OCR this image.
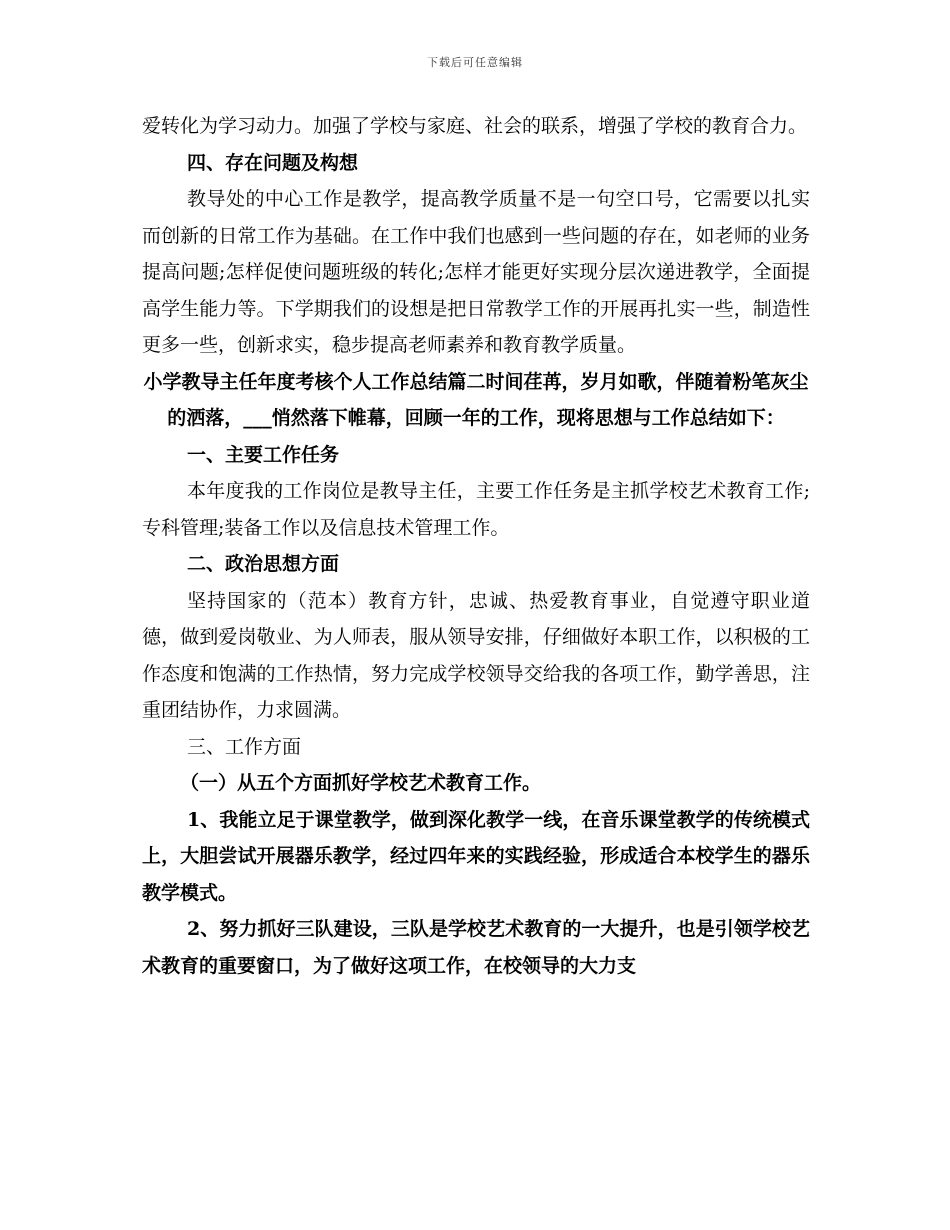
下载后可任意编辑

爱转化为学习动力。加强了学校与家庭、社会的联系，增强了学校的教育合力。

四、存在问题及构想

教导处的中心工作是教学，提高教学质量不是一句空口号，它需要以扎实而创新的日常工作为基础。在工作中我们也感到一些问题的存在，如老师的业务提高问题;怎样促使问题班级的转化;怎样才能更好实现分层次递进教学，全面提高学生能力等。下学期我们的设想是把日常教学工作的开展再扎实一些，制造性更多一些，创新求实，稳步提高老师素养和教育教学质量。

小学教导主任年度考核个人工作总结篇二时间荏苒，岁月如歌，伴随着粉笔灰尘的洒落，___悄然落下帷幕，回顾一年的工作，现将思想与工作总结如下：

一、主要工作任务

本年度我的工作岗位是教导主任，主要工作任务是主抓学校艺术教育工作;专科管理;装备工作以及信息技术管理工作。

二、政治思想方面

坚持国家的（范本）教育方针，忠诚、热爱教育事业，自觉遵守职业道德，做到爱岗敬业、为人师表，服从领导安排，仔细做好本职工作，以积极的工作态度和饱满的工作热情，努力完成学校领导交给我的各项工作，勤学善思，注重团结协作，力求圆满。

三、工作方面

（一）从五个方面抓好学校艺术教育工作。

1、我能立足于课堂教学，做到深化教学一线，在音乐课堂教学的传统模式上，大胆尝试开展器乐教学，经过四年来的实践经验，形成适合本校学生的器乐教学模式。

2、努力抓好三队建设，三队是学校艺术教育的一大提升，也是引领学校艺术教育的重要窗口，为了做好这项工作，在校领导的大力支
